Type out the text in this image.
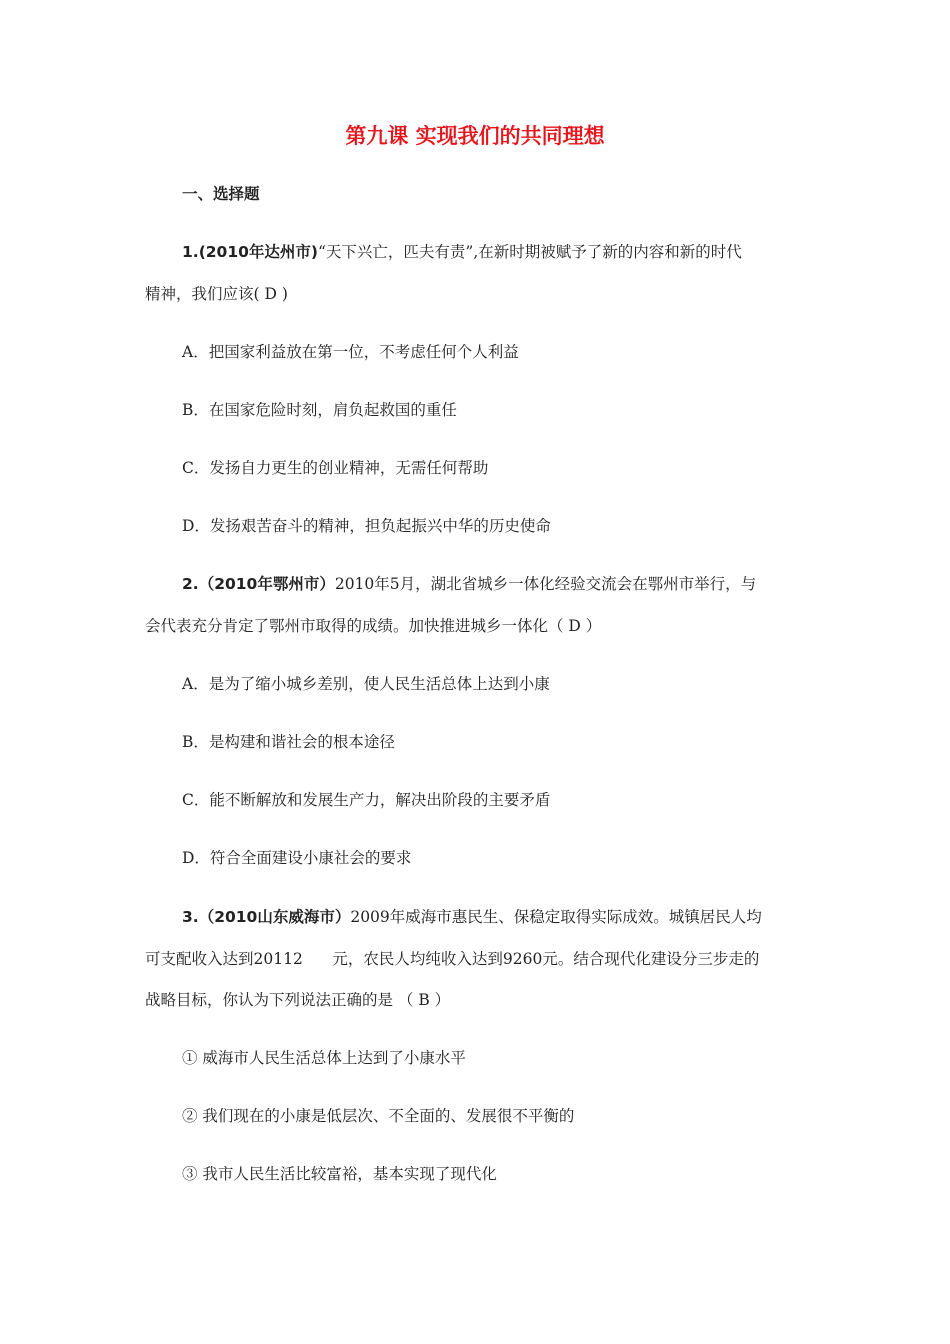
第九课 实现我们的共同理想
一、选择题
1.(2010年达州市)“天下兴亡，匹夫有责”,在新时期被赋予了新的内容和新的时代
精神，我们应该( D )
A．把国家利益放在第一位，不考虑任何个人利益
B．在国家危险时刻，肩负起救国的重任
C．发扬自力更生的创业精神，无需任何帮助
D．发扬艰苦奋斗的精神，担负起振兴中华的历史使命
2.（2010年鄂州市）2010年5月，湖北省城乡一体化经验交流会在鄂州市举行，与
会代表充分肯定了鄂州市取得的成绩。加快推进城乡一体化（ D ）
A．是为了缩小城乡差别，使人民生活总体上达到小康
B．是构建和谐社会的根本途径
C．能不断解放和发展生产力，解决出阶段的主要矛盾
D．符合全面建设小康社会的要求
3.（2010山东威海市）2009年威海市惠民生、保稳定取得实际成效。城镇居民人均
可支配收入达到20112      元，农民人均纯收入达到9260元。结合现代化建设分三步走的
战略目标，你认为下列说法正确的是 （ B ）
① 威海市人民生活总体上达到了小康水平
② 我们现在的小康是低层次、不全面的、发展很不平衡的
③ 我市人民生活比较富裕，基本实现了现代化
